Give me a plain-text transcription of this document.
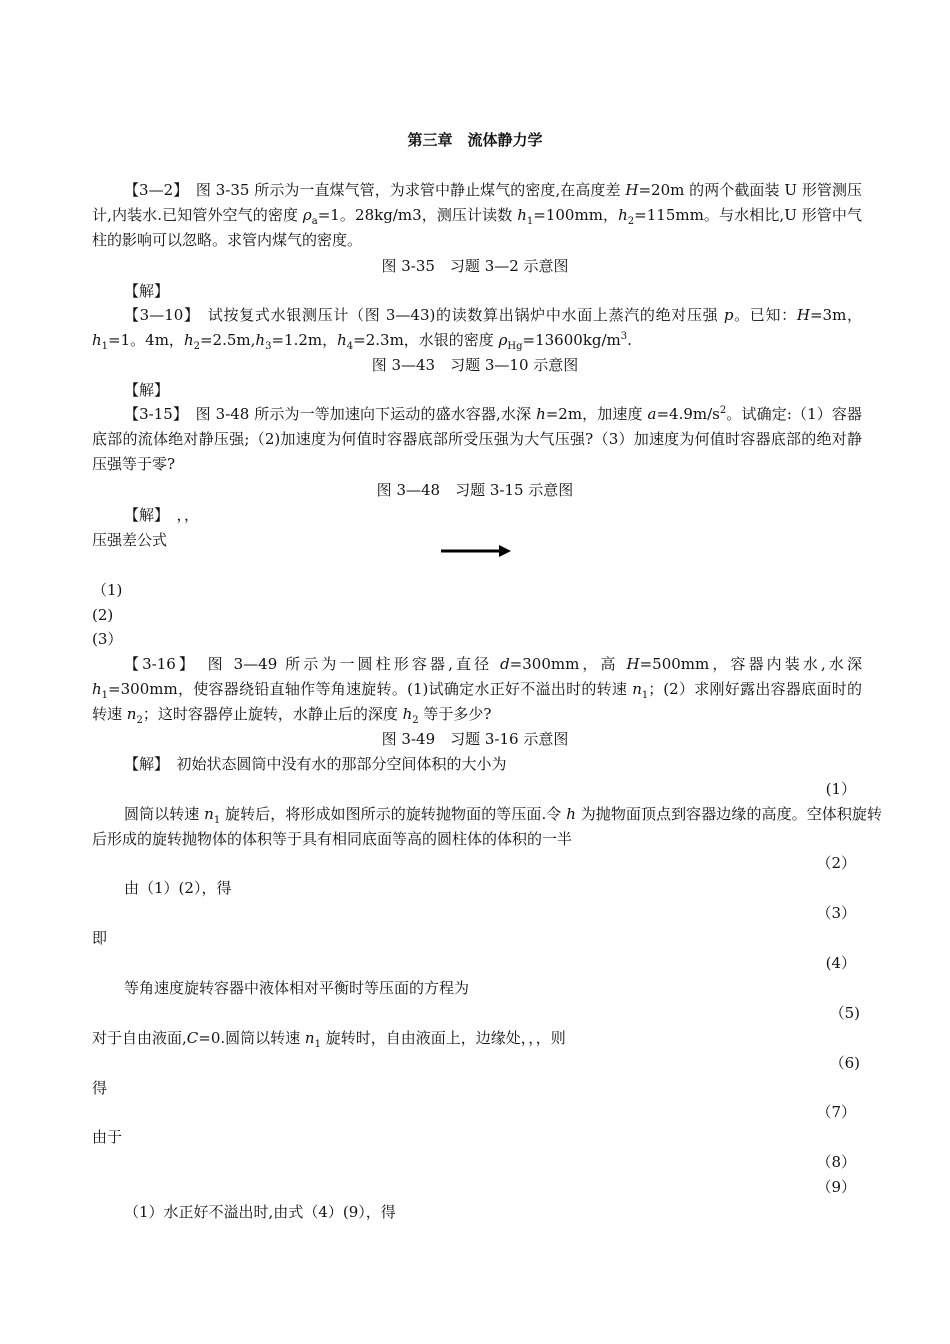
第三章　流体静力学
【3—2】　图 3-35 所示为一直煤气管，为求管中静止煤气的密度,在高度差 H=20m 的两个截面装 U 形管测压计,内装水.已知管外空气的密度 $\rho_a=1$。28kg/m3，测压计读数 $h_1=100mm$，$h_2=115mm$。与水相比,U 形管中气柱的影响可以忽略。求管内煤气的密度。
图 3-35　习题 3—2 示意图
【解】
【3—10】　试按复式水银测压计（图 3—43)的读数算出锅炉中水面上蒸汽的绝对压强 p。已知：H=3m，$h_1=1$。4m，$h_2=2.5m,h_3=1.2m$，$h_4=2.3m$，水银的密度 $\rho_{Hg}=13600kg/m^3$.
图 3—43　习题 3—10 示意图
【解】
【3-15】　图 3-48 所示为一等加速向下运动的盛水容器,水深 h=2m，加速度 $a=4.9m/s^2$。试确定:（1）容器底部的流体绝对静压强;（2)加速度为何值时容器底部所受压强为大气压强?（3）加速度为何值时容器底部的绝对静压强等于零?
图 3—48　习题 3-15 示意图
【解】　，，
压强差公式
（1)
(2)
(3）
【3-16】　图 3—49 所示为一圆柱形容器,直径 d=300mm，高 H=500mm，容器内装水,水深 $h_1=300mm$，使容器绕铅直轴作等角速旋转。(1)试确定水正好不溢出时的转速 $n_1$；(2）求刚好露出容器底面时的转速 $n_2$；这时容器停止旋转，水静止后的深度 $h_2$ 等于多少?
图 3-49　习题 3-16 示意图
【解】　初始状态圆筒中没有水的那部分空间体积的大小为
(1）
圆筒以转速 $n_1$ 旋转后，将形成如图所示的旋转抛物面的等压面.令 h 为抛物面顶点到容器边缘的高度。空体积旋转后形成的旋转抛物体的体积等于具有相同底面等高的圆柱体的体积的一半
（2）
由（1）(2），得
（3）
即
(4）
等角速度旋转容器中液体相对平衡时等压面的方程为
（5)
对于自由液面,C=0.圆筒以转速 $n_1$ 旋转时，自由液面上，边缘处，，，则
（6)
得
（7）
由于
（8）
（9）
（1）水正好不溢出时,由式（4）(9），得
